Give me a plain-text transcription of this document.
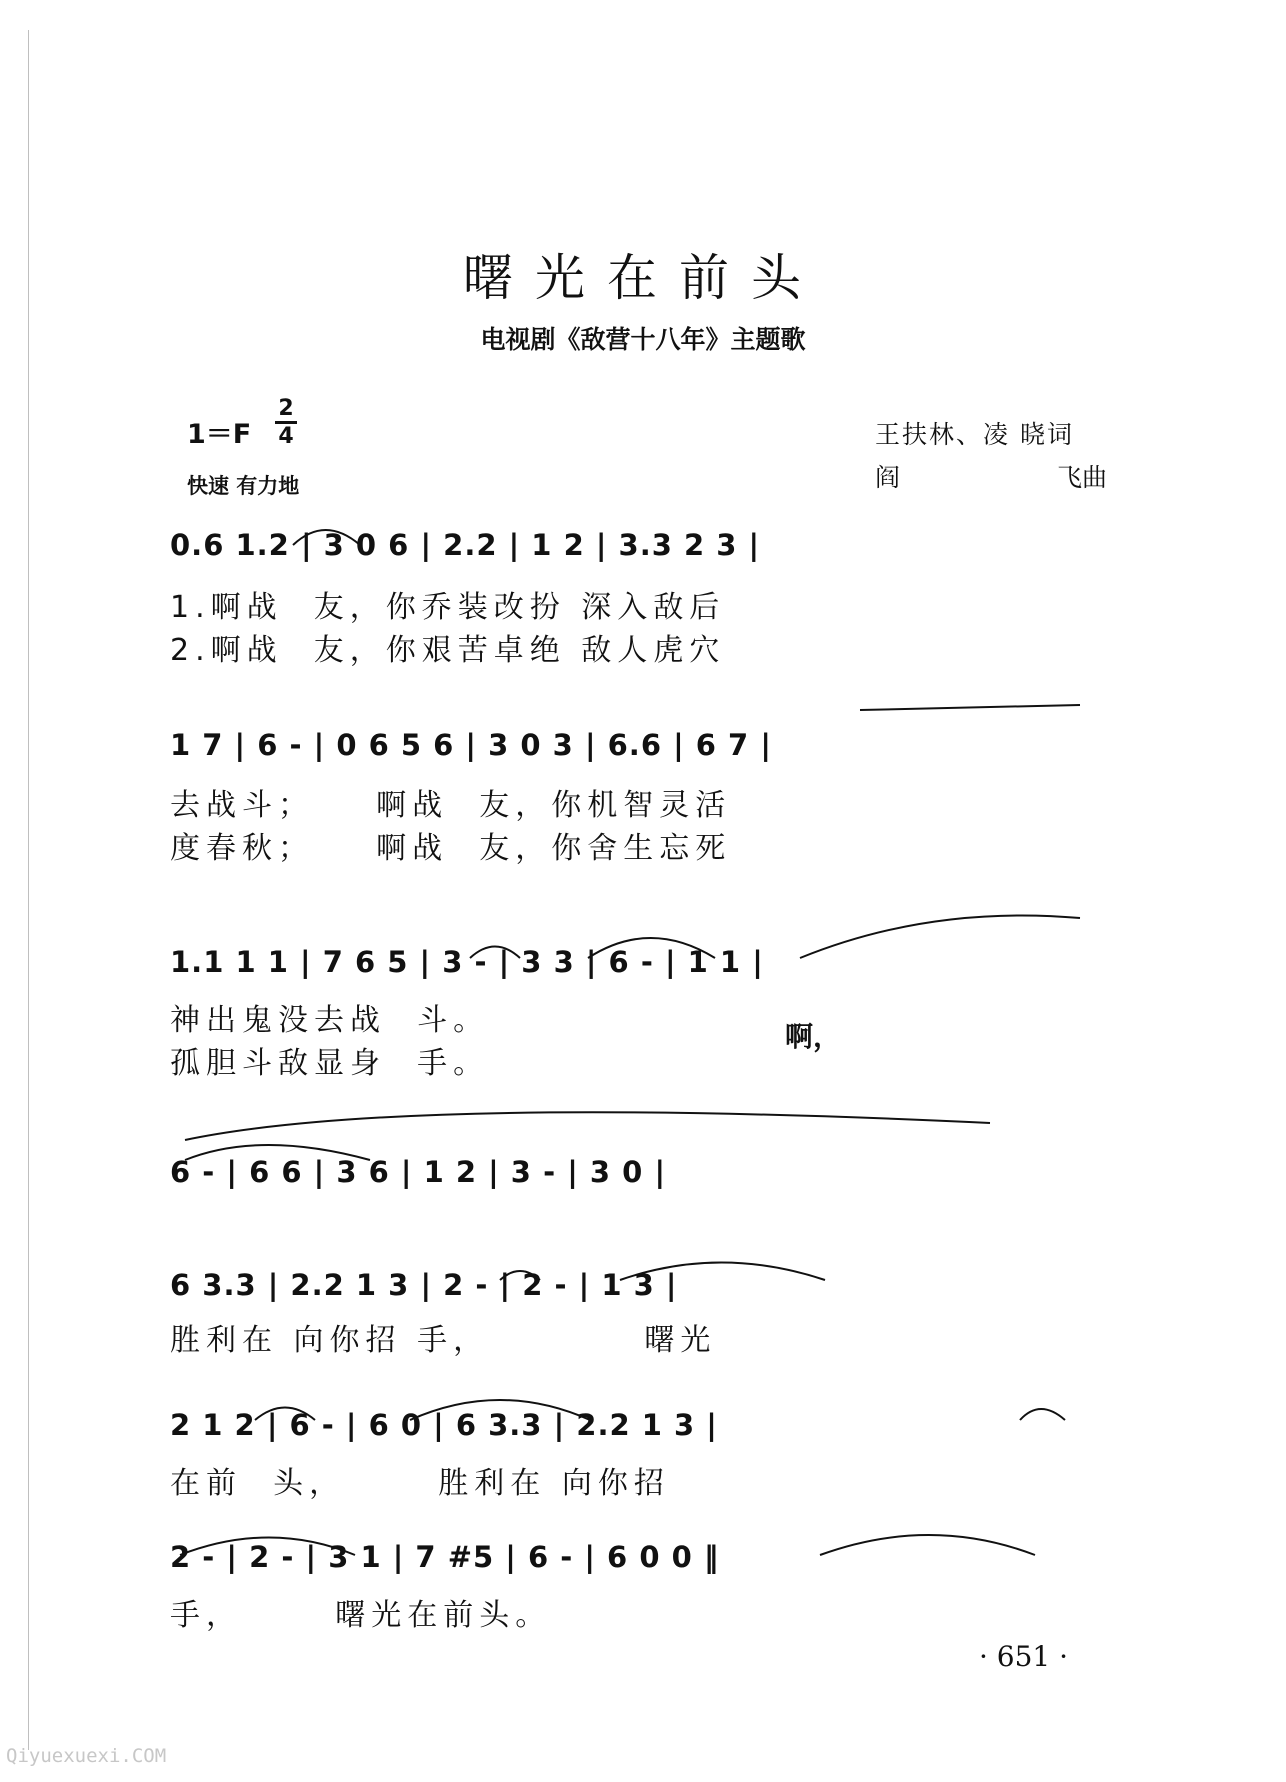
曙光在前头
电视剧《敌营十八年》主题歌
1＝F
2
4
快速 有力地
王扶林、凌 晓词
阎	飞曲
0.6 1.2 | 3 0 6 | 2.2 | 1 2 | 3.3 2 3 |
1.啊战  友，你乔装改扮 深入敌后
2.啊战  友，你艰苦卓绝 敌人虎穴
1 7 | 6 - | 0 6 5 6 | 3 0 3 | 6.6 | 6 7 |
去战斗；    啊战  友，你机智灵活
度春秋；    啊战  友，你舍生忘死
1.1 1 1 | 7 6 5 | 3 - | 3 3 | 6 - | 1 1 |
神出鬼没去战  斗。
孤胆斗敌显身  手。
啊，
6 - | 6 6 | 3 6 | 1 2 | 3 - | 3 0 |
6 3.3 | 2.2 1 3 | 2 - | 2 - | 1 3 |
胜利在 向你招 手，          曙光
2 1 2 | 6 - | 6 0 | 6 3.3 | 2.2 1 3 |
在前  头，      胜利在 向你招
2 - | 2 - | 3 1 | 7 #5 | 6 - | 6 0 0 ‖
手，      曙光在前头。
· 651 ·
Qiyuexuexi.COM
